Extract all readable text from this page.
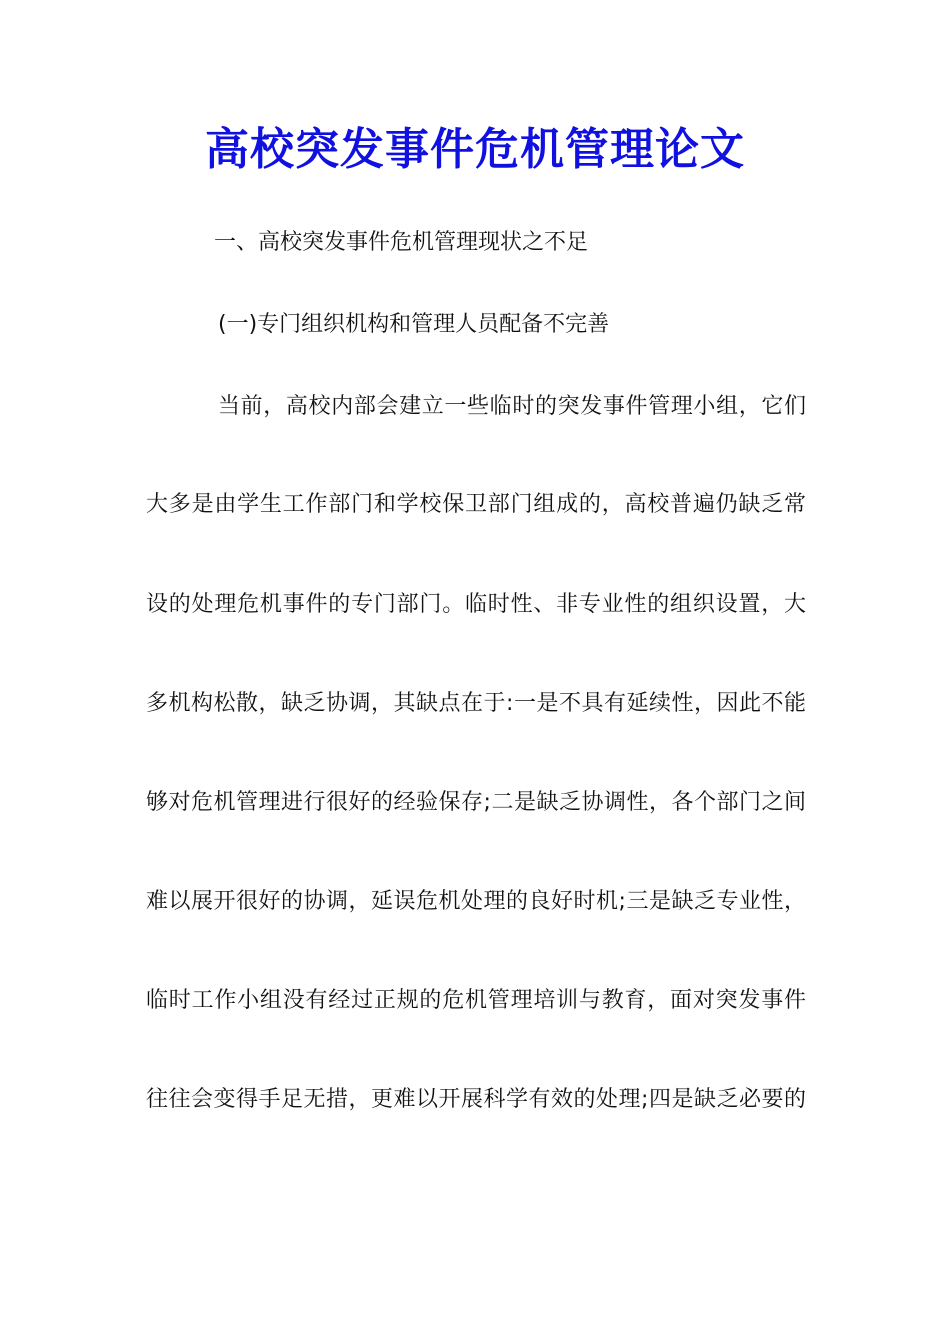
高校突发事件危机管理论文
一、高校突发事件危机管理现状之不足
(一)专门组织机构和管理人员配备不完善
当前，高校内部会建立一些临时的突发事件管理小组，它们
大多是由学生工作部门和学校保卫部门组成的，高校普遍仍缺乏常
设的处理危机事件的专门部门。临时性、非专业性的组织设置，大
多机构松散，缺乏协调，其缺点在于:一是不具有延续性，因此不能
够对危机管理进行很好的经验保存;二是缺乏协调性，各个部门之间
难以展开很好的协调，延误危机处理的良好时机;三是缺乏专业性，
临时工作小组没有经过正规的危机管理培训与教育，面对突发事件
往往会变得手足无措，更难以开展科学有效的处理;四是缺乏必要的
